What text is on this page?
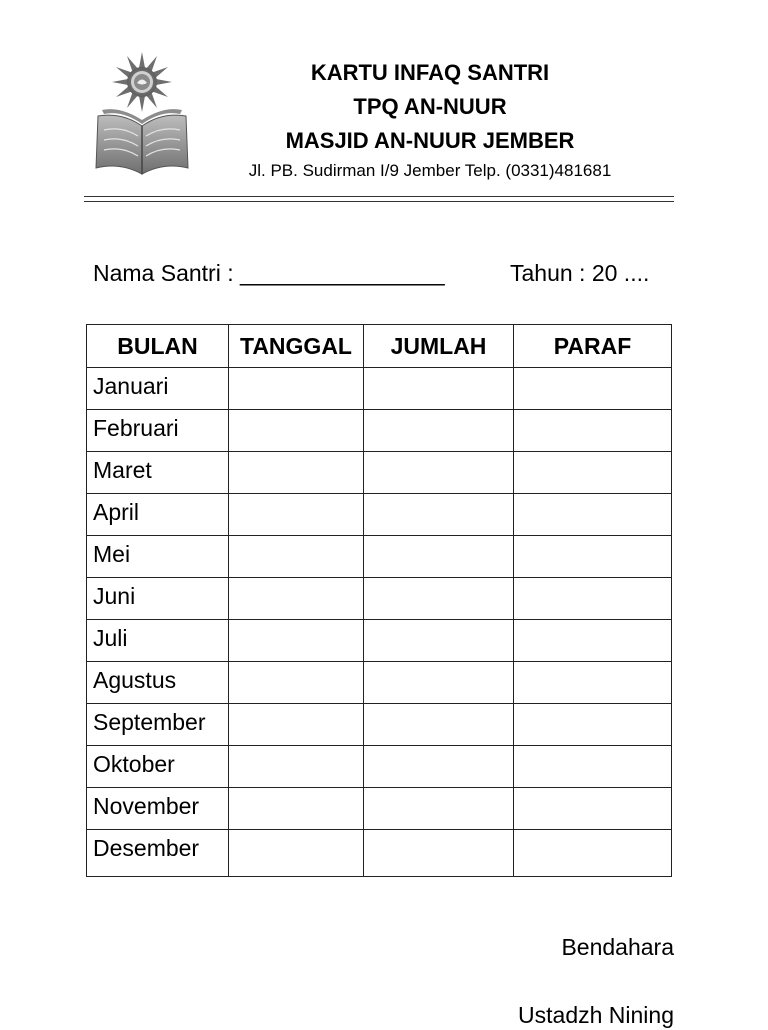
KARTU INFAQ SANTRI
TPQ AN-NUUR
MASJID AN-NUUR JEMBER
Jl. PB. Sudirman I/9 Jember Telp. (0331)481681
Nama Santri : ________________	Tahun : 20 ....
BULAN	TANGGAL	JUMLAH	PARAF
Januari			
Februari			
Maret			
April			
Mei			
Juni			
Juli			
Agustus			
September			
Oktober			
November			
Desember			
Bendahara
Ustadzh Nining
